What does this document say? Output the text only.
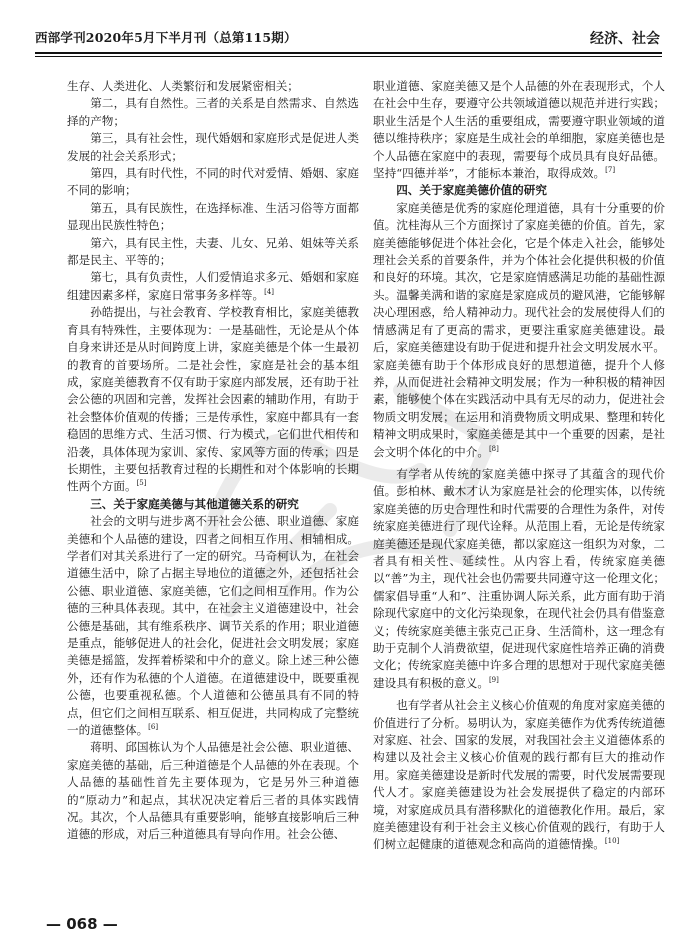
西部学刊2020年5月下半月刊（总第115期）	经济、社会

生存、人类进化、人类繁衍和发展紧密相关；

第二，具有自然性。三者的关系是自然需求、自然选择的产物；

第三，具有社会性，现代婚姻和家庭形式是促进人类发展的社会关系形式；

第四，具有时代性，不同的时代对爱情、婚姻、家庭不同的影响；

第五，具有民族性，在选择标准、生活习俗等方面都显现出民族性特色；

第六，具有民主性，夫妻、儿女、兄弟、姐妹等关系都是民主、平等的；

第七，具有负责性，人们爱情追求多元、婚姻和家庭组建因素多样，家庭日常事务多样等。[4]

孙皓提出，与社会教育、学校教育相比，家庭美德教育具有特殊性，主要体现为：一是基础性，无论是从个体自身来讲还是从时间跨度上讲，家庭美德是个体一生最初的教育的首要场所。二是社会性，家庭是社会的基本组成，家庭美德教育不仅有助于家庭内部发展，还有助于社会公德的巩固和完善，发挥社会因素的辅助作用，有助于社会整体价值观的传播；三是传承性，家庭中都具有一套稳固的思维方式、生活习惯、行为模式，它们世代相传和沿袭，具体体现为家训、家传、家风等方面的传承；四是长期性，主要包括教育过程的长期性和对个体影响的长期性两个方面。[5]

三、关于家庭美德与其他道德关系的研究

社会的文明与进步离不开社会公德、职业道德、家庭美德和个人品德的建设，四者之间相互作用、相辅相成。学者们对其关系进行了一定的研究。马奇柯认为，在社会道德生活中，除了占据主导地位的道德之外，还包括社会公德、职业道德、家庭美德，它们之间相互作用。作为公德的三种具体表现。其中，在社会主义道德建设中，社会公德是基础，其有维系秩序、调节关系的作用；职业道德是重点，能够促进人的社会化，促进社会文明发展；家庭美德是摇篮，发挥着桥梁和中介的意义。除上述三种公德外，还有作为私德的个人道德。在道德建设中，既要重视公德，也要重视私德。个人道德和公德虽具有不同的特点，但它们之间相互联系、相互促进，共同构成了完整统一的道德整体。[6]

蒋明、邱国栋认为个人品德是社会公德、职业道德、家庭美德的基础，后三种道德是个人品德的外在表现。个人品德的基础性首先主要体现为，它是另外三种道德的“原动力”和起点，其状况决定着后三者的具体实践情况。其次，个人品德具有重要影响，能够直接影响后三种道德的形成，对后三种道德具有导向作用。社会公德、

职业道德、家庭美德又是个人品德的外在表现形式，个人在社会中生存，要遵守公共领域道德以规范并进行实践；职业生活是个人生活的重要组成，需要遵守职业领域的道德以维持秩序；家庭是生成社会的单细胞，家庭美德也是个人品德在家庭中的表现，需要每个成员具有良好品德。坚持“四德并举”，才能标本兼治，取得成效。[7]

四、关于家庭美德价值的研究

家庭美德是优秀的家庭伦理道德，具有十分重要的价值。沈桂海从三个方面探讨了家庭美德的价值。首先，家庭美德能够促进个体社会化，它是个体走入社会，能够处理社会关系的首要条件，并为个体社会化提供积极的价值和良好的环境。其次，它是家庭情感满足功能的基础性源头。温馨美满和谐的家庭是家庭成员的避风港，它能够解决心理困惑，给人精神动力。现代社会的发展使得人们的情感满足有了更高的需求，更要注重家庭美德建设。最后，家庭美德建设有助于促进和提升社会文明发展水平。家庭美德有助于个体形成良好的思想道德，提升个人修养，从而促进社会精神文明发展；作为一种积极的精神因素，能够使个体在实践活动中具有无尽的动力，促进社会物质文明发展；在运用和消费物质文明成果、整理和转化精神文明成果时，家庭美德是其中一个重要的因素，是社会文明个体化的中介。[8]

有学者从传统的家庭美德中探寻了其蕴含的现代价值。彭柏林、戴木才认为家庭是社会的伦理实体，以传统家庭美德的历史合理性和时代需要的合理性为条件，对传统家庭美德进行了现代诠释。从范围上看，无论是传统家庭美德还是现代家庭美德，都以家庭这一组织为对象，二者具有相关性、延续性。从内容上看，传统家庭美德以“善”为主，现代社会也仍需要共同遵守这一伦理文化；儒家倡导重“人和”、注重协调人际关系，此方面有助于消除现代家庭中的文化污染现象，在现代社会仍具有借鉴意义；传统家庭美德主张克己正身、生活简朴，这一理念有助于克制个人消费欲望，促进现代家庭性培养正确的消费文化；传统家庭美德中许多合理的思想对于现代家庭美德建设具有积极的意义。[9]

也有学者从社会主义核心价值观的角度对家庭美德的价值进行了分析。易明认为，家庭美德作为优秀传统道德对家庭、社会、国家的发展，对我国社会主义道德体系的构建以及社会主义核心价值观的践行都有巨大的推动作用。家庭美德建设是新时代发展的需要，时代发展需要现代人才。家庭美德建设为社会发展提供了稳定的内部环境，对家庭成员具有潜移默化的道德教化作用。最后，家庭美德建设有利于社会主义核心价值观的践行，有助于人们树立起健康的道德观念和高尚的道德情操。[10]

— 068 —
